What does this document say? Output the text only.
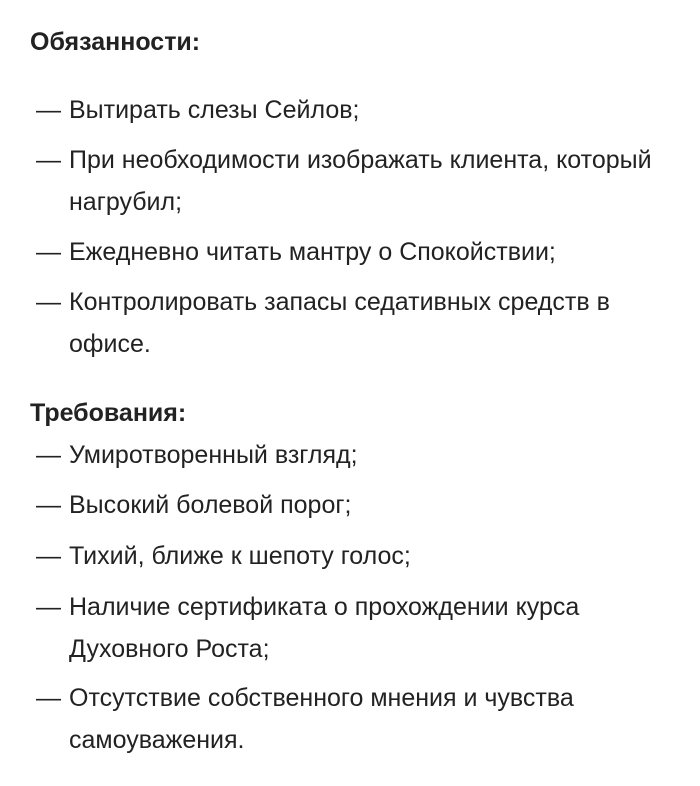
Обязанности:
— Вытирать слезы Сейлов;
— При необходимости изображать клиента, который нагрубил;
— Ежедневно читать мантру о Спокойствии;
— Контролировать запасы седативных средств в офисе.
Требования:
— Умиротворенный взгляд;
— Высокий болевой порог;
— Тихий, ближе к шепоту голос;
— Наличие сертификата о прохождении курса Духовного Роста;
— Отсутствие собственного мнения и чувства самоуважения.
